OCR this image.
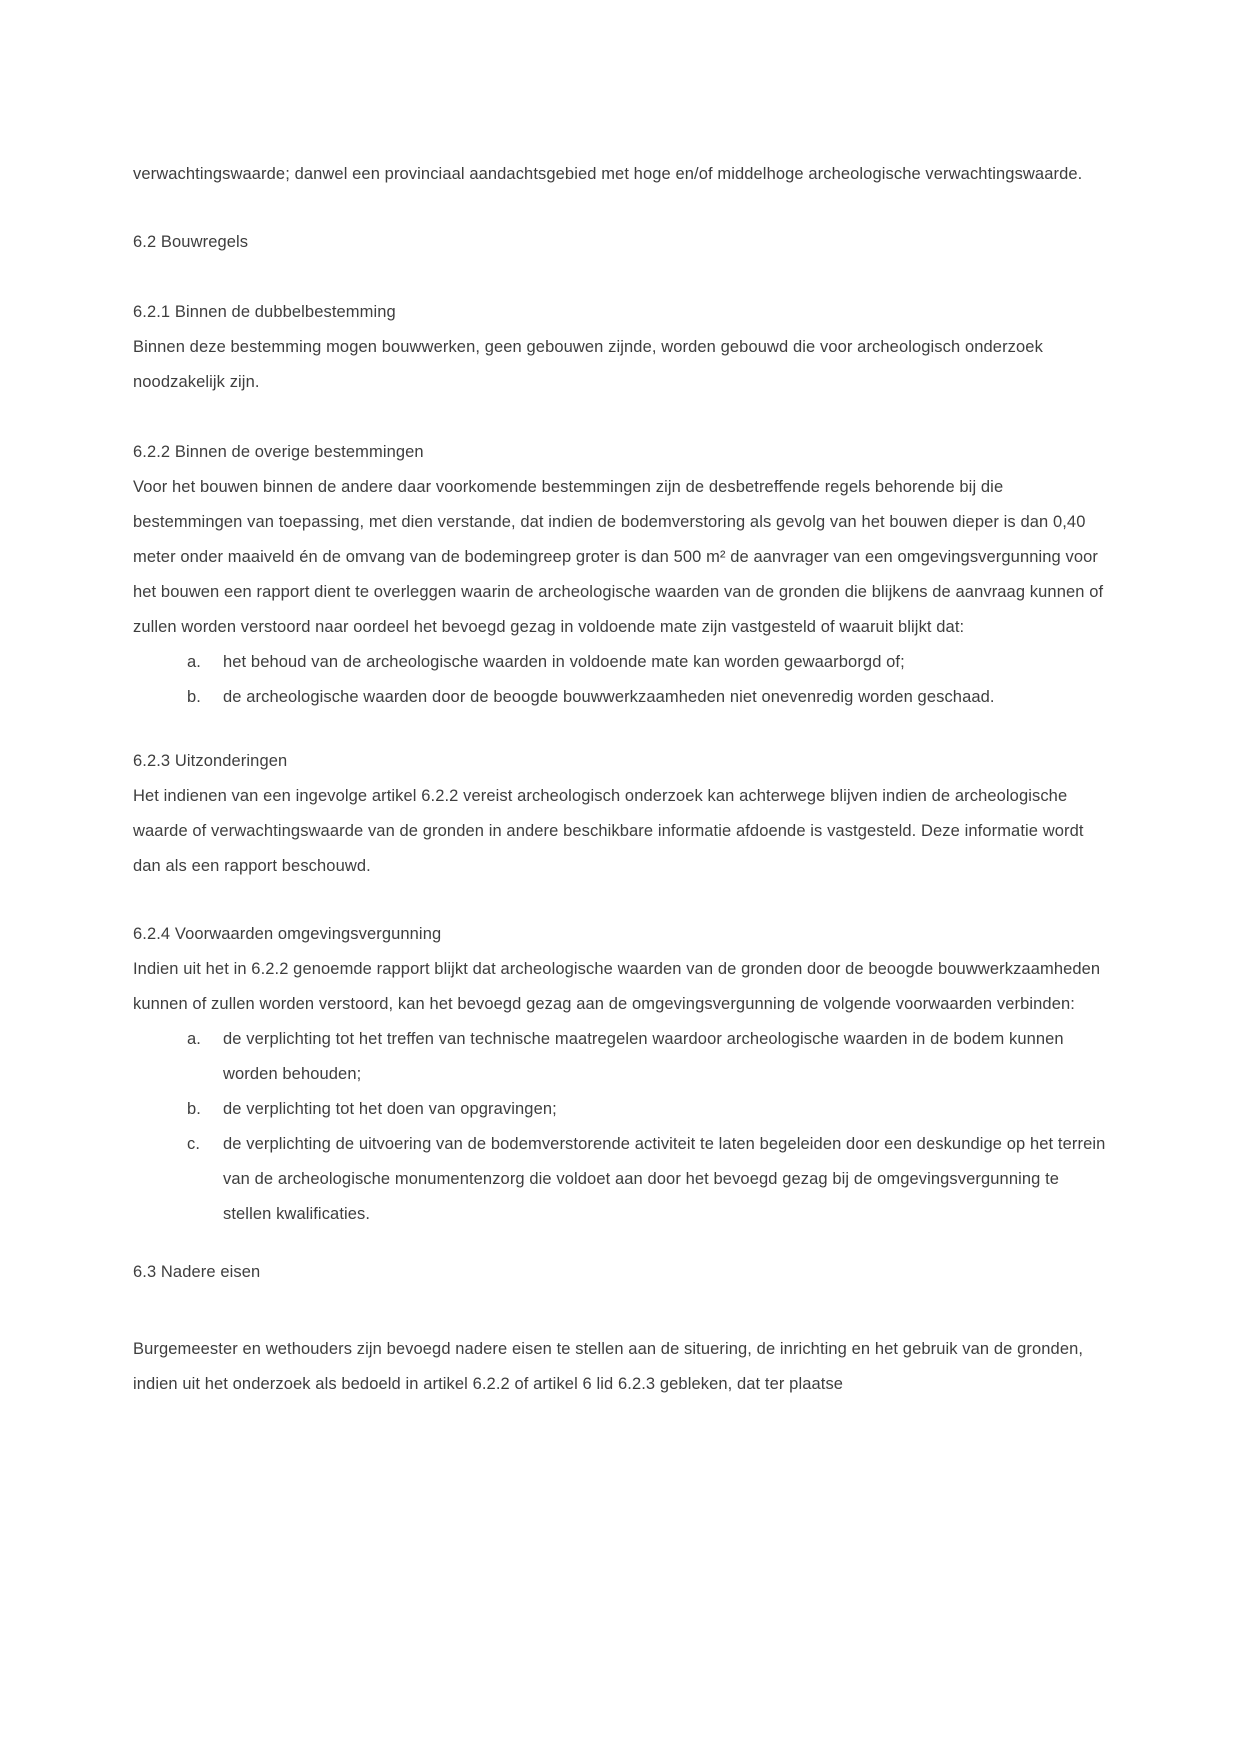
verwachtingswaarde; danwel een provinciaal aandachtsgebied met hoge en/of middelhoge archeologische verwachtingswaarde.

6.2 Bouwregels

6.2.1 Binnen de dubbelbestemming

Binnen deze bestemming mogen bouwwerken, geen gebouwen zijnde, worden gebouwd die voor archeologisch onderzoek noodzakelijk zijn.

6.2.2 Binnen de overige bestemmingen

Voor het bouwen binnen de andere daar voorkomende bestemmingen zijn de desbetreffende regels behorende bij die bestemmingen van toepassing, met dien verstande, dat indien de bodemverstoring als gevolg van het bouwen dieper is dan 0,40 meter onder maaiveld én de omvang van de bodemingreep groter is dan 500 m² de aanvrager van een omgevingsvergunning voor het bouwen een rapport dient te overleggen waarin de archeologische waarden van de gronden die blijkens de aanvraag kunnen of zullen worden verstoord naar oordeel het bevoegd gezag in voldoende mate zijn vastgesteld of waaruit blijkt dat:

a.	het behoud van de archeologische waarden in voldoende mate kan worden gewaarborgd of;
b.	de archeologische waarden door de beoogde bouwwerkzaamheden niet onevenredig worden geschaad.

6.2.3 Uitzonderingen

Het indienen van een ingevolge artikel 6.2.2 vereist archeologisch onderzoek kan achterwege blijven indien de archeologische waarde of verwachtingswaarde van de gronden in andere beschikbare informatie afdoende is vastgesteld. Deze informatie wordt dan als een rapport beschouwd.

6.2.4 Voorwaarden omgevingsvergunning

Indien uit het in 6.2.2 genoemde rapport blijkt dat archeologische waarden van de gronden door de beoogde bouwwerkzaamheden kunnen of zullen worden verstoord, kan het bevoegd gezag aan de omgevingsvergunning de volgende voorwaarden verbinden:

a.	de verplichting tot het treffen van technische maatregelen waardoor archeologische waarden in de bodem kunnen worden behouden;
b.	de verplichting tot het doen van opgravingen;
c.	de verplichting de uitvoering van de bodemverstorende activiteit te laten begeleiden door een deskundige op het terrein van de archeologische monumentenzorg die voldoet aan door het bevoegd gezag bij de omgevingsvergunning te stellen kwalificaties.

6.3 Nadere eisen

Burgemeester en wethouders zijn bevoegd nadere eisen te stellen aan de situering, de inrichting en het gebruik van de gronden, indien uit het onderzoek als bedoeld in artikel 6.2.2 of artikel 6 lid 6.2.3 gebleken, dat ter plaatse
